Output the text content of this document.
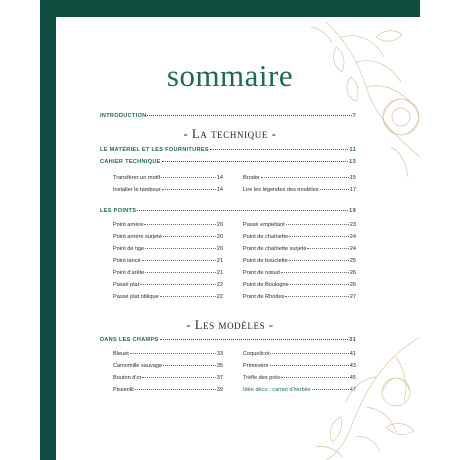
sommaire
INTRODUCTION	7
- La technique -
LE MATÉRIEL ET LES FOURNITURES	11
CAHIER TECHNIQUE	13
Transférer un motif	14
Installer le tambour	14
Broder	15
Lire les légendes des modèles	17
LES POINTS	19
Point arrière	20
Point arrière surjeté	20
Point de tige	20
Point lancé	21
Point d'arête	21
Passé plat	22
Passé plat oblique	22
Passé empiétant	23
Point de chaînette	24
Point de chaînette surjeté	24
Point de bouclette	25
Point de nœud	26
Point de Boulogne	26
Point de Rhodes	27
- Les modèles -
DANS LES CHAMPS	31
Bleuet	33
Camomille sauvage	35
Bouton d'or	37
Pissenlit	39
Coquelicot	41
Primevère	43
Trèfle des prés	45
Idée déco : carnet d'herbier	47
